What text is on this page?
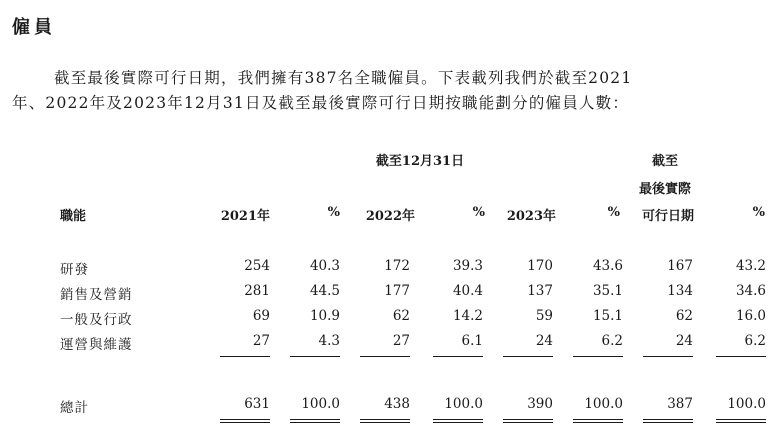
僱員
截至最後實際可行日期，我們擁有387名全職僱員。下表載列我們於截至2021
年、2022年及2023年12月31日及截至最後實際可行日期按職能劃分的僱員人數：
截至12月31日	截至
最後實際
職能	2021年	%	2022年	%	2023年	%	可行日期	%
研發	254	40.3	172	39.3	170	43.6	167	43.2
銷售及營銷	281	44.5	177	40.4	137	35.1	134	34.6
一般及行政	69	10.9	62	14.2	59	15.1	62	16.0
運營與維護	27	4.3	27	6.1	24	6.2	24	6.2
總計	631	100.0	438	100.0	390	100.0	387	100.0
